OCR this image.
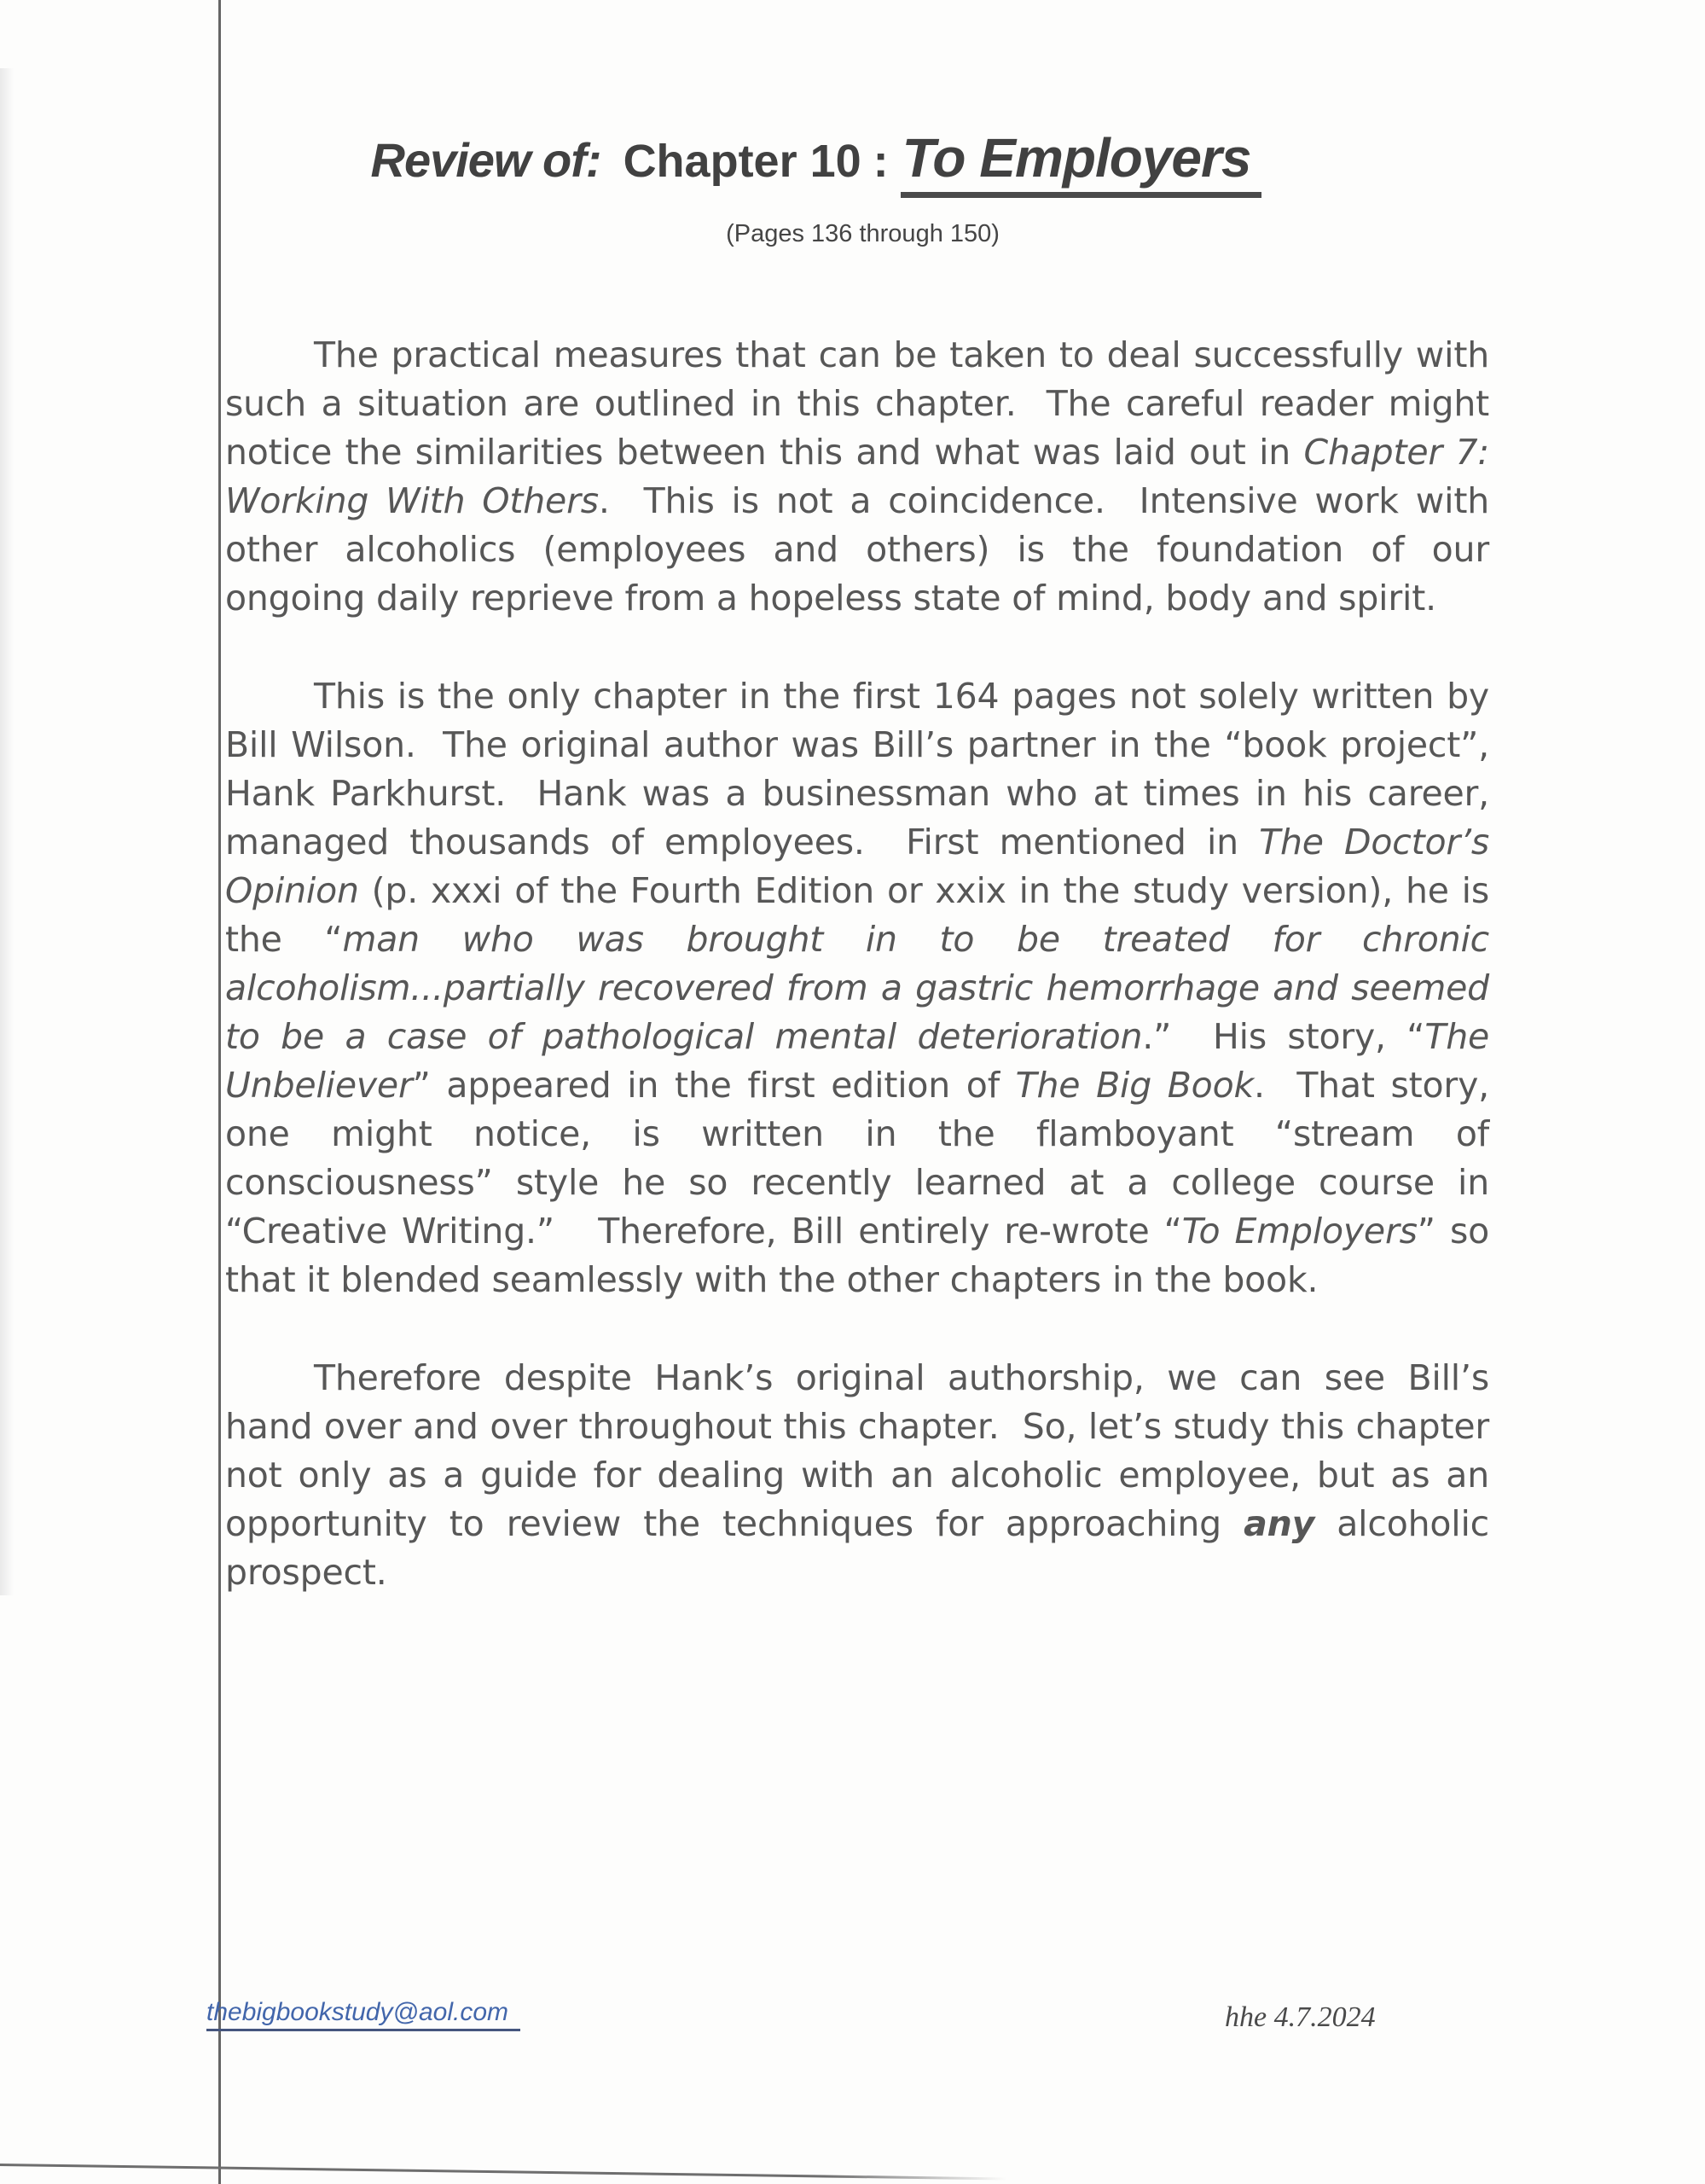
Review of: Chapter 10 : To Employers
(Pages 136 through 150)

The practical measures that can be taken to deal successfully with such a situation are outlined in this chapter.  The careful reader might notice the similarities between this and what was laid out in Chapter 7: Working With Others.  This is not a coincidence.  Intensive work with other alcoholics (employees and others) is the foundation of our ongoing daily reprieve from a hopeless state of mind, body and spirit.

This is the only chapter in the first 164 pages not solely written by Bill Wilson.  The original author was Bill’s partner in the “book project”, Hank Parkhurst.  Hank was a businessman who at times in his career, managed thousands of employees.  First mentioned in The Doctor’s Opinion (p. xxxi of the Fourth Edition or xxix in the study version), he is the “man who was brought in to be treated for chronic alcoholism...partially recovered from a gastric hemorrhage and seemed to be a case of pathological mental deterioration.”  His story, “The Unbeliever” appeared in the first edition of The Big Book.  That story, one might notice, is written in the flamboyant “stream of consciousness” style he so recently learned at a college course in “Creative Writing.”   Therefore, Bill entirely re-wrote “To Employers” so that it blended seamlessly with the other chapters in the book.

Therefore despite Hank’s original authorship, we can see Bill’s hand over and over throughout this chapter.  So, let’s study this chapter not only as a guide for dealing with an alcoholic employee, but as an opportunity to review the techniques for approaching any alcoholic prospect.

thebigbookstudy@aol.com	hhe 4.7.2024
